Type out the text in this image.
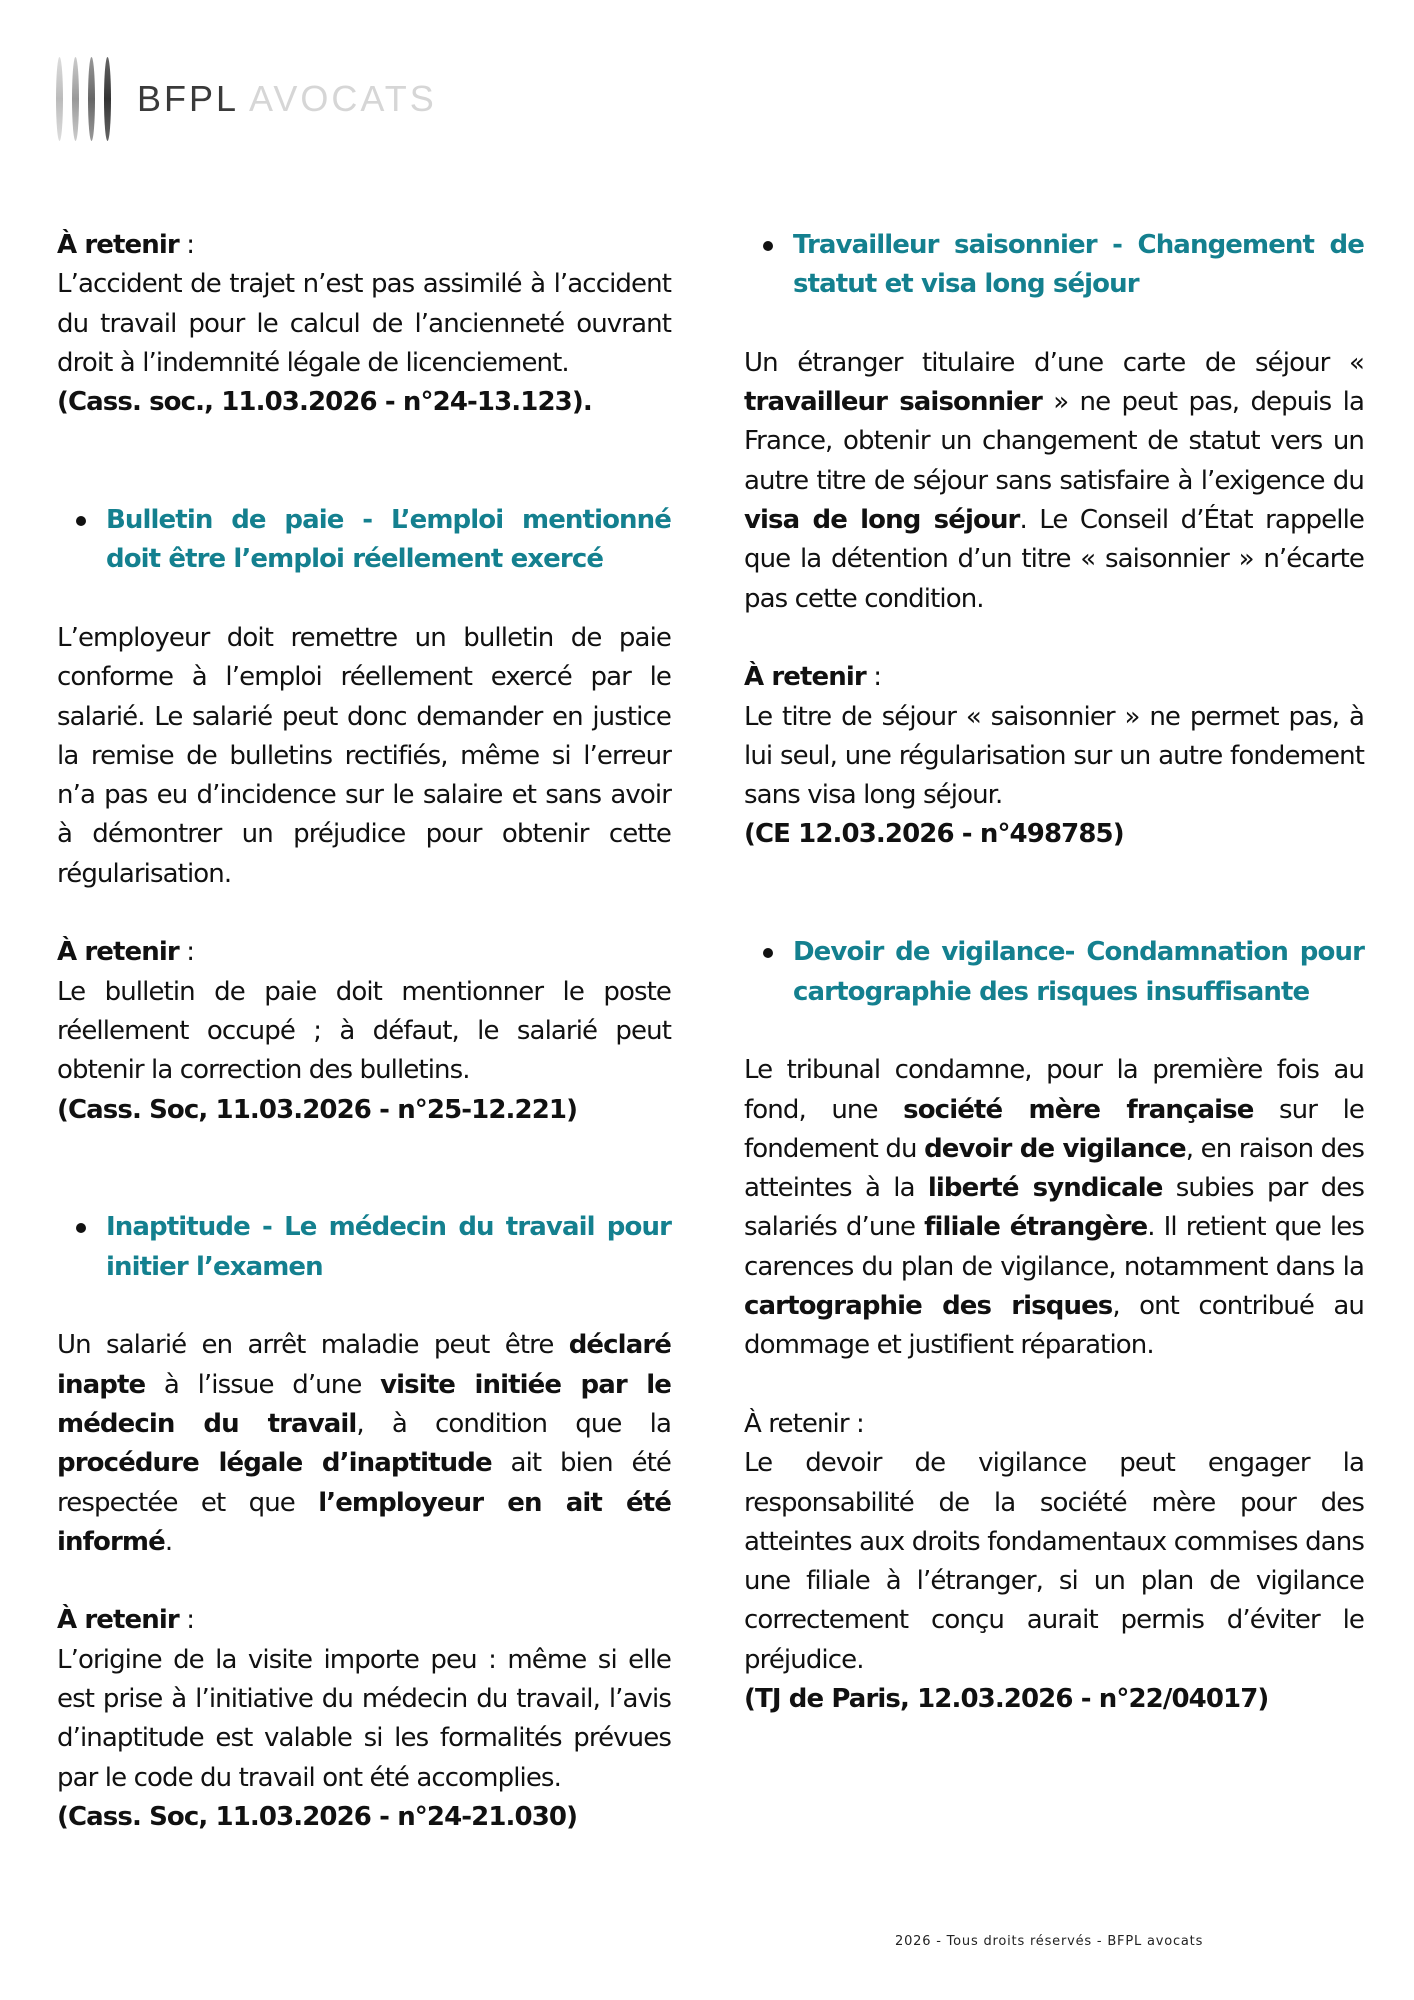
BFPL AVOCATS

À retenir :

L’accident de trajet n’est pas assimilé à l’accident du travail pour le calcul de l’ancienneté ouvrant droit à l’indemnité légale de licenciement.

(Cass. soc., 11.03.2026 - n°24-13.123).

Bulletin de paie - L’emploi mentionné doit être l’emploi réellement exercé

L’employeur doit remettre un bulletin de paie conforme à l’emploi réellement exercé par le salarié. Le salarié peut donc demander en justice la remise de bulletins rectifiés, même si l’erreur n’a pas eu d’incidence sur le salaire et sans avoir à démontrer un préjudice pour obtenir cette régularisation.

À retenir :

Le bulletin de paie doit mentionner le poste réellement occupé ; à défaut, le salarié peut obtenir la correction des bulletins.

(Cass. Soc, 11.03.2026 - n°25-12.221)

Inaptitude - Le médecin du travail pour initier l’examen

Un salarié en arrêt maladie peut être déclaré inapte à l’issue d’une visite initiée par le médecin du travail, à condition que la procédure légale d’inaptitude ait bien été respectée et que l’employeur en ait été informé.

À retenir :

L’origine de la visite importe peu : même si elle est prise à l’initiative du médecin du travail, l’avis d’inaptitude est valable si les formalités prévues par le code du travail ont été accomplies.

(Cass. Soc, 11.03.2026 - n°24-21.030)

Travailleur saisonnier - Changement de statut et visa long séjour

Un étranger titulaire d’une carte de séjour « travailleur saisonnier » ne peut pas, depuis la France, obtenir un changement de statut vers un autre titre de séjour sans satisfaire à l’exigence du visa de long séjour. Le Conseil d’État rappelle que la détention d’un titre « saisonnier » n’écarte pas cette condition.

À retenir :

Le titre de séjour « saisonnier » ne permet pas, à lui seul, une régularisation sur un autre fondement sans visa long séjour.

(CE 12.03.2026 - n°498785)

Devoir de vigilance- Condamnation pour cartographie des risques insuffisante

Le tribunal condamne, pour la première fois au fond, une société mère française sur le fondement du devoir de vigilance, en raison des atteintes à la liberté syndicale subies par des salariés d’une filiale étrangère. Il retient que les carences du plan de vigilance, notamment dans la cartographie des risques, ont contribué au dommage et justifient réparation.

À retenir :

Le devoir de vigilance peut engager la responsabilité de la société mère pour des atteintes aux droits fondamentaux commises dans une filiale à l’étranger, si un plan de vigilance correctement conçu aurait permis d’éviter le préjudice.

(TJ de Paris, 12.03.2026 - n°22/04017)

2026 - Tous droits réservés - BFPL avocats
